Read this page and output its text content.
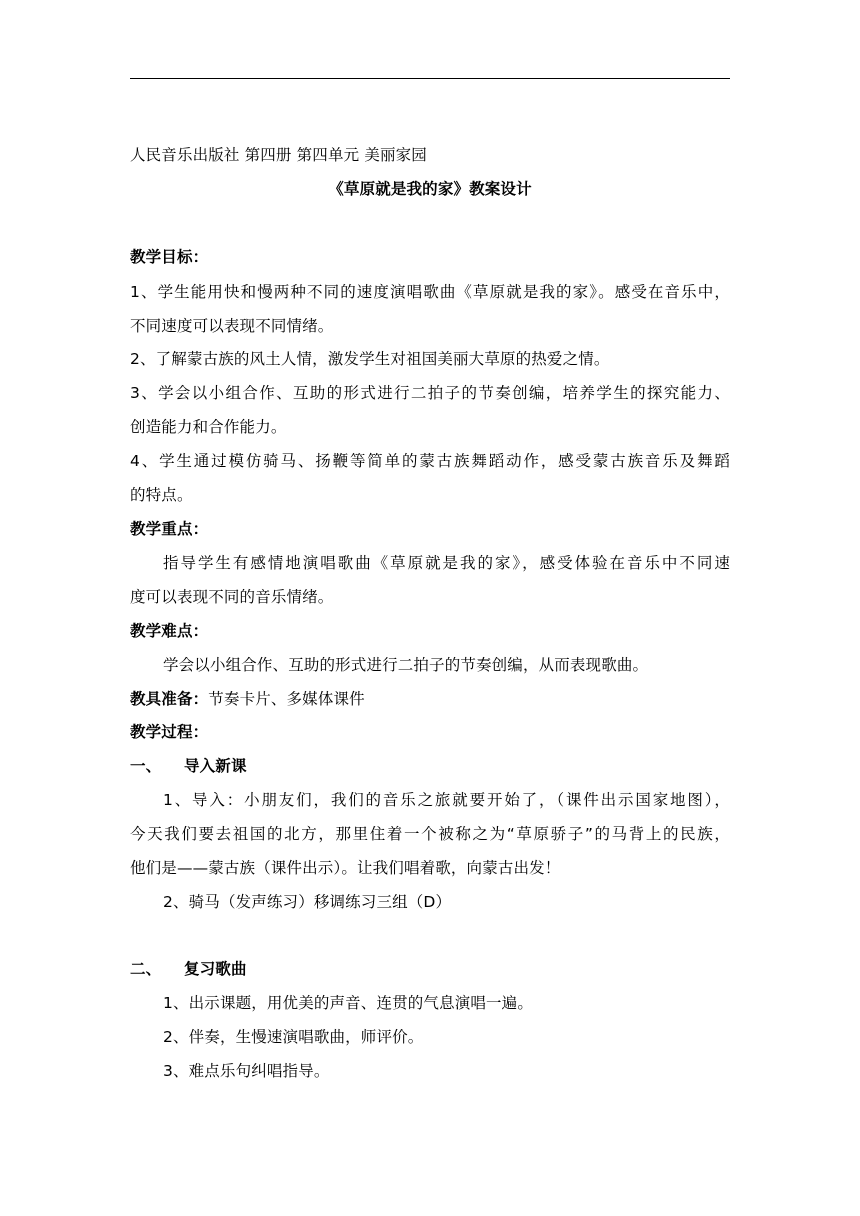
人民音乐出版社 第四册 第四单元 美丽家园
《草原就是我的家》教案设计
教学目标：
1、学生能用快和慢两种不同的速度演唱歌曲《草原就是我的家》。感受在音乐中，
不同速度可以表现不同情绪。
2、了解蒙古族的风土人情，激发学生对祖国美丽大草原的热爱之情。
3、学会以小组合作、互助的形式进行二拍子的节奏创编，培养学生的探究能力、
创造能力和合作能力。
4、学生通过模仿骑马、扬鞭等简单的蒙古族舞蹈动作，感受蒙古族音乐及舞蹈
的特点。
教学重点：
指导学生有感情地演唱歌曲《草原就是我的家》，感受体验在音乐中不同速
度可以表现不同的音乐情绪。
教学难点：
学会以小组合作、互助的形式进行二拍子的节奏创编，从而表现歌曲。
教具准备：节奏卡片、多媒体课件
教学过程：
一、 导入新课
1、导入：小朋友们，我们的音乐之旅就要开始了，（课件出示国家地图），
今天我们要去祖国的北方，那里住着一个被称之为“草原骄子”的马背上的民族，
他们是——蒙古族（课件出示）。让我们唱着歌，向蒙古出发！
2、骑马（发声练习）移调练习三组（D）
二、 复习歌曲
1、出示课题，用优美的声音、连贯的气息演唱一遍。
2、伴奏，生慢速演唱歌曲，师评价。
3、难点乐句纠唱指导。
